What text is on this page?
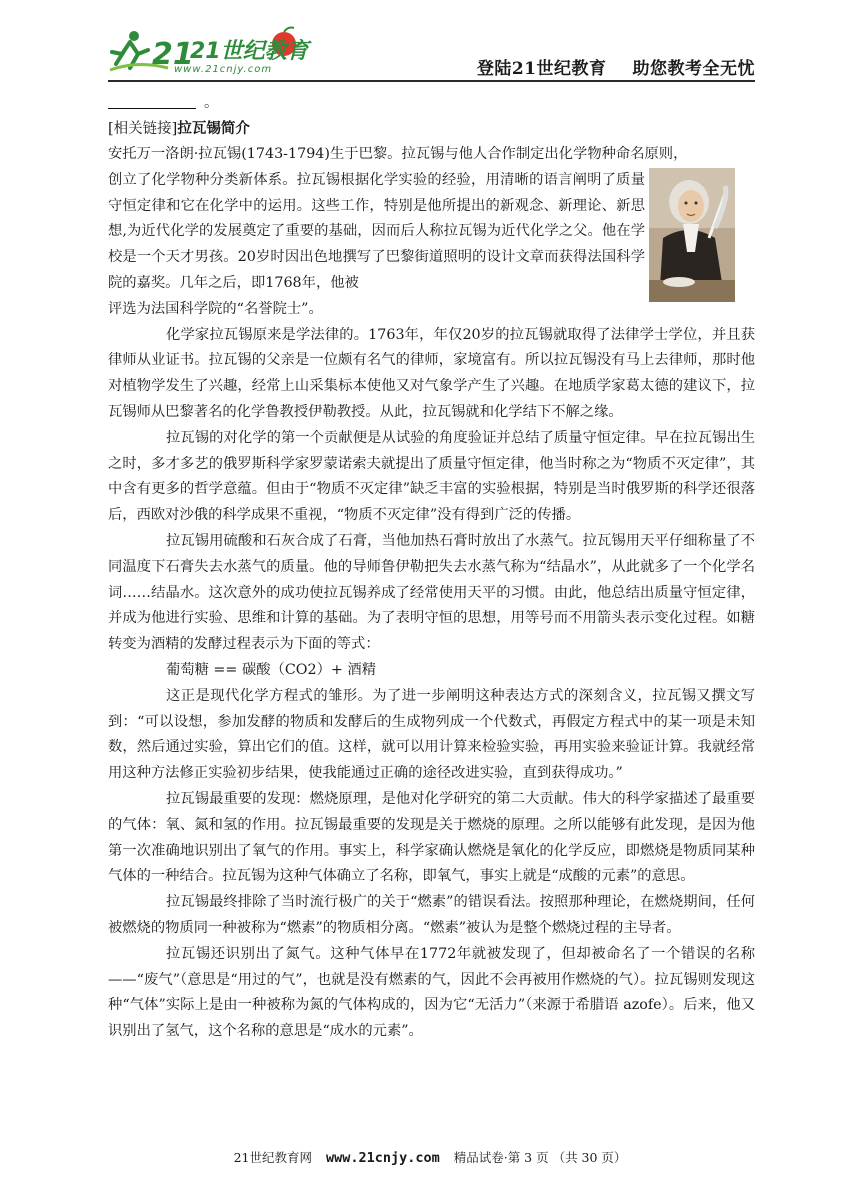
21
21世纪教育
www.21cnjy.com	登陆21世纪教育 助您教考全无忧
。
[相关链接]拉瓦锡简介
安托万一洛朗·拉瓦锡(1743-1794)生于巴黎。拉瓦锡与他人合作制定出化学物种命名原则，
创立了化学物种分类新体系。拉瓦锡根据化学实验的经验，用清晰的语言阐明了质量守恒定律和它在化学中的运用。这些工作，特别是他所提出的新观念、新理论、新思想,为近代化学的发展奠定了重要的基础，因而后人称拉瓦锡为近代化学之父。他在学校是一个天才男孩。20岁时因出色地撰写了巴黎街道照明的设计文章而获得法国科学院的嘉奖。几年之后，即1768年，他被
评选为法国科学院的“名誉院士”。

化学家拉瓦锡原来是学法律的。1763年，年仅20岁的拉瓦锡就取得了法律学士学位，并且获律师从业证书。拉瓦锡的父亲是一位颇有名气的律师，家境富有。所以拉瓦锡没有马上去律师，那时他对植物学发生了兴趣，经常上山采集标本使他又对气象学产生了兴趣。在地质学家葛太德的建议下，拉瓦锡师从巴黎著名的化学鲁教授伊勒教授。从此，拉瓦锡就和化学结下不解之缘。

拉瓦锡的对化学的第一个贡献便是从试验的角度验证并总结了质量守恒定律。早在拉瓦锡出生之时，多才多艺的俄罗斯科学家罗蒙诺索夫就提出了质量守恒定律，他当时称之为“物质不灭定律”，其中含有更多的哲学意蕴。但由于“物质不灭定律”缺乏丰富的实验根据，特别是当时俄罗斯的科学还很落后，西欧对沙俄的科学成果不重视，“物质不灭定律”没有得到广泛的传播。

拉瓦锡用硫酸和石灰合成了石膏，当他加热石膏时放出了水蒸气。拉瓦锡用天平仔细称量了不同温度下石膏失去水蒸气的质量。他的导师鲁伊勒把失去水蒸气称为“结晶水”，从此就多了一个化学名词……结晶水。这次意外的成功使拉瓦锡养成了经常使用天平的习惯。由此，他总结出质量守恒定律，并成为他进行实验、思维和计算的基础。为了表明守恒的思想，用等号而不用箭头表示变化过程。如糖转变为酒精的发酵过程表示为下面的等式：

葡萄糖 == 碳酸（CO2）+ 酒精

这正是现代化学方程式的雏形。为了进一步阐明这种表达方式的深刻含义，拉瓦锡又撰文写到：“可以设想，参加发酵的物质和发酵后的生成物列成一个代数式，再假定方程式中的某一项是未知数，然后通过实验，算出它们的值。这样，就可以用计算来检验实验，再用实验来验证计算。我就经常用这种方法修正实验初步结果，使我能通过正确的途径改进实验，直到获得成功。”

拉瓦锡最重要的发现：燃烧原理，是他对化学研究的第二大贡献。伟大的科学家描述了最重要的气体：氧、氮和氢的作用。拉瓦锡最重要的发现是关于燃烧的原理。之所以能够有此发现，是因为他第一次准确地识别出了氧气的作用。事实上，科学家确认燃烧是氧化的化学反应，即燃烧是物质同某种气体的一种结合。拉瓦锡为这种气体确立了名称，即氧气，事实上就是“成酸的元素”的意思。

拉瓦锡最终排除了当时流行极广的关于“燃素”的错误看法。按照那种理论，在燃烧期间，任何被燃烧的物质同一种被称为“燃素”的物质相分离。“燃素”被认为是整个燃烧过程的主导者。

拉瓦锡还识别出了氮气。这种气体早在1772年就被发现了，但却被命名了一个错误的名称——“废气”（意思是“用过的气”，也就是没有燃素的气，因此不会再被用作燃烧的气）。拉瓦锡则发现这种“气体”实际上是由一种被称为氮的气体构成的，因为它“无活力”（来源于希腊语 azofe）。后来，他又识别出了氢气，这个名称的意思是“成水的元素”。

21世纪教育网 www.21cnjy.com 精品试卷·第 3 页 （共 30 页）
